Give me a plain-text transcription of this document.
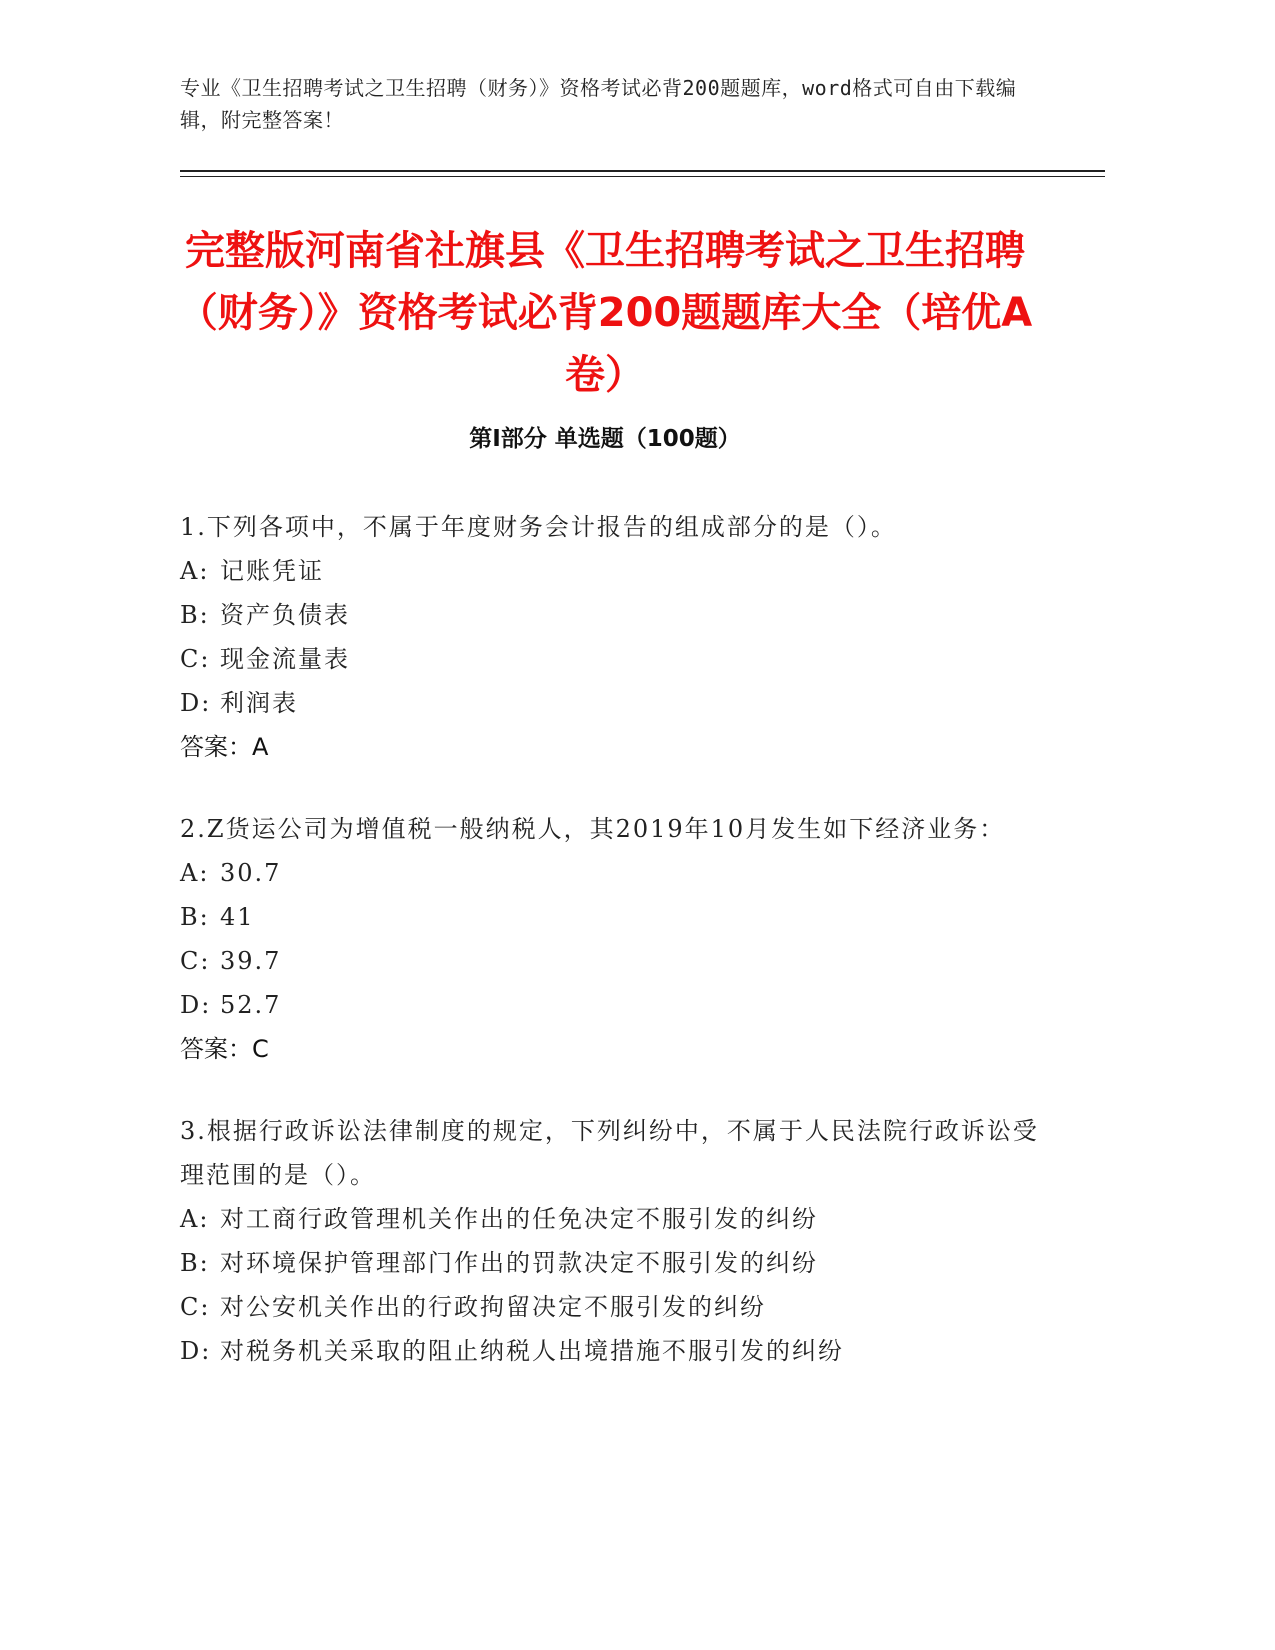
专业《卫生招聘考试之卫生招聘（财务）》资格考试必背200题题库，word格式可自由下载编辑，附完整答案！
完整版河南省社旗县《卫生招聘考试之卫生招聘（财务）》资格考试必背200题题库大全（培优A卷）
第I部分 单选题（100题）
1.下列各项中，不属于年度财务会计报告的组成部分的是（）。
A: 记账凭证
B: 资产负债表
C: 现金流量表
D: 利润表
答案：A
2.Z货运公司为增值税一般纳税人，其2019年10月发生如下经济业务：
A: 30.7
B: 41
C: 39.7
D: 52.7
答案：C
3.根据行政诉讼法律制度的规定，下列纠纷中，不属于人民法院行政诉讼受理范围的是（）。
A: 对工商行政管理机关作出的任免决定不服引发的纠纷
B: 对环境保护管理部门作出的罚款决定不服引发的纠纷
C: 对公安机关作出的行政拘留决定不服引发的纠纷
D: 对税务机关采取的阻止纳税人出境措施不服引发的纠纷
